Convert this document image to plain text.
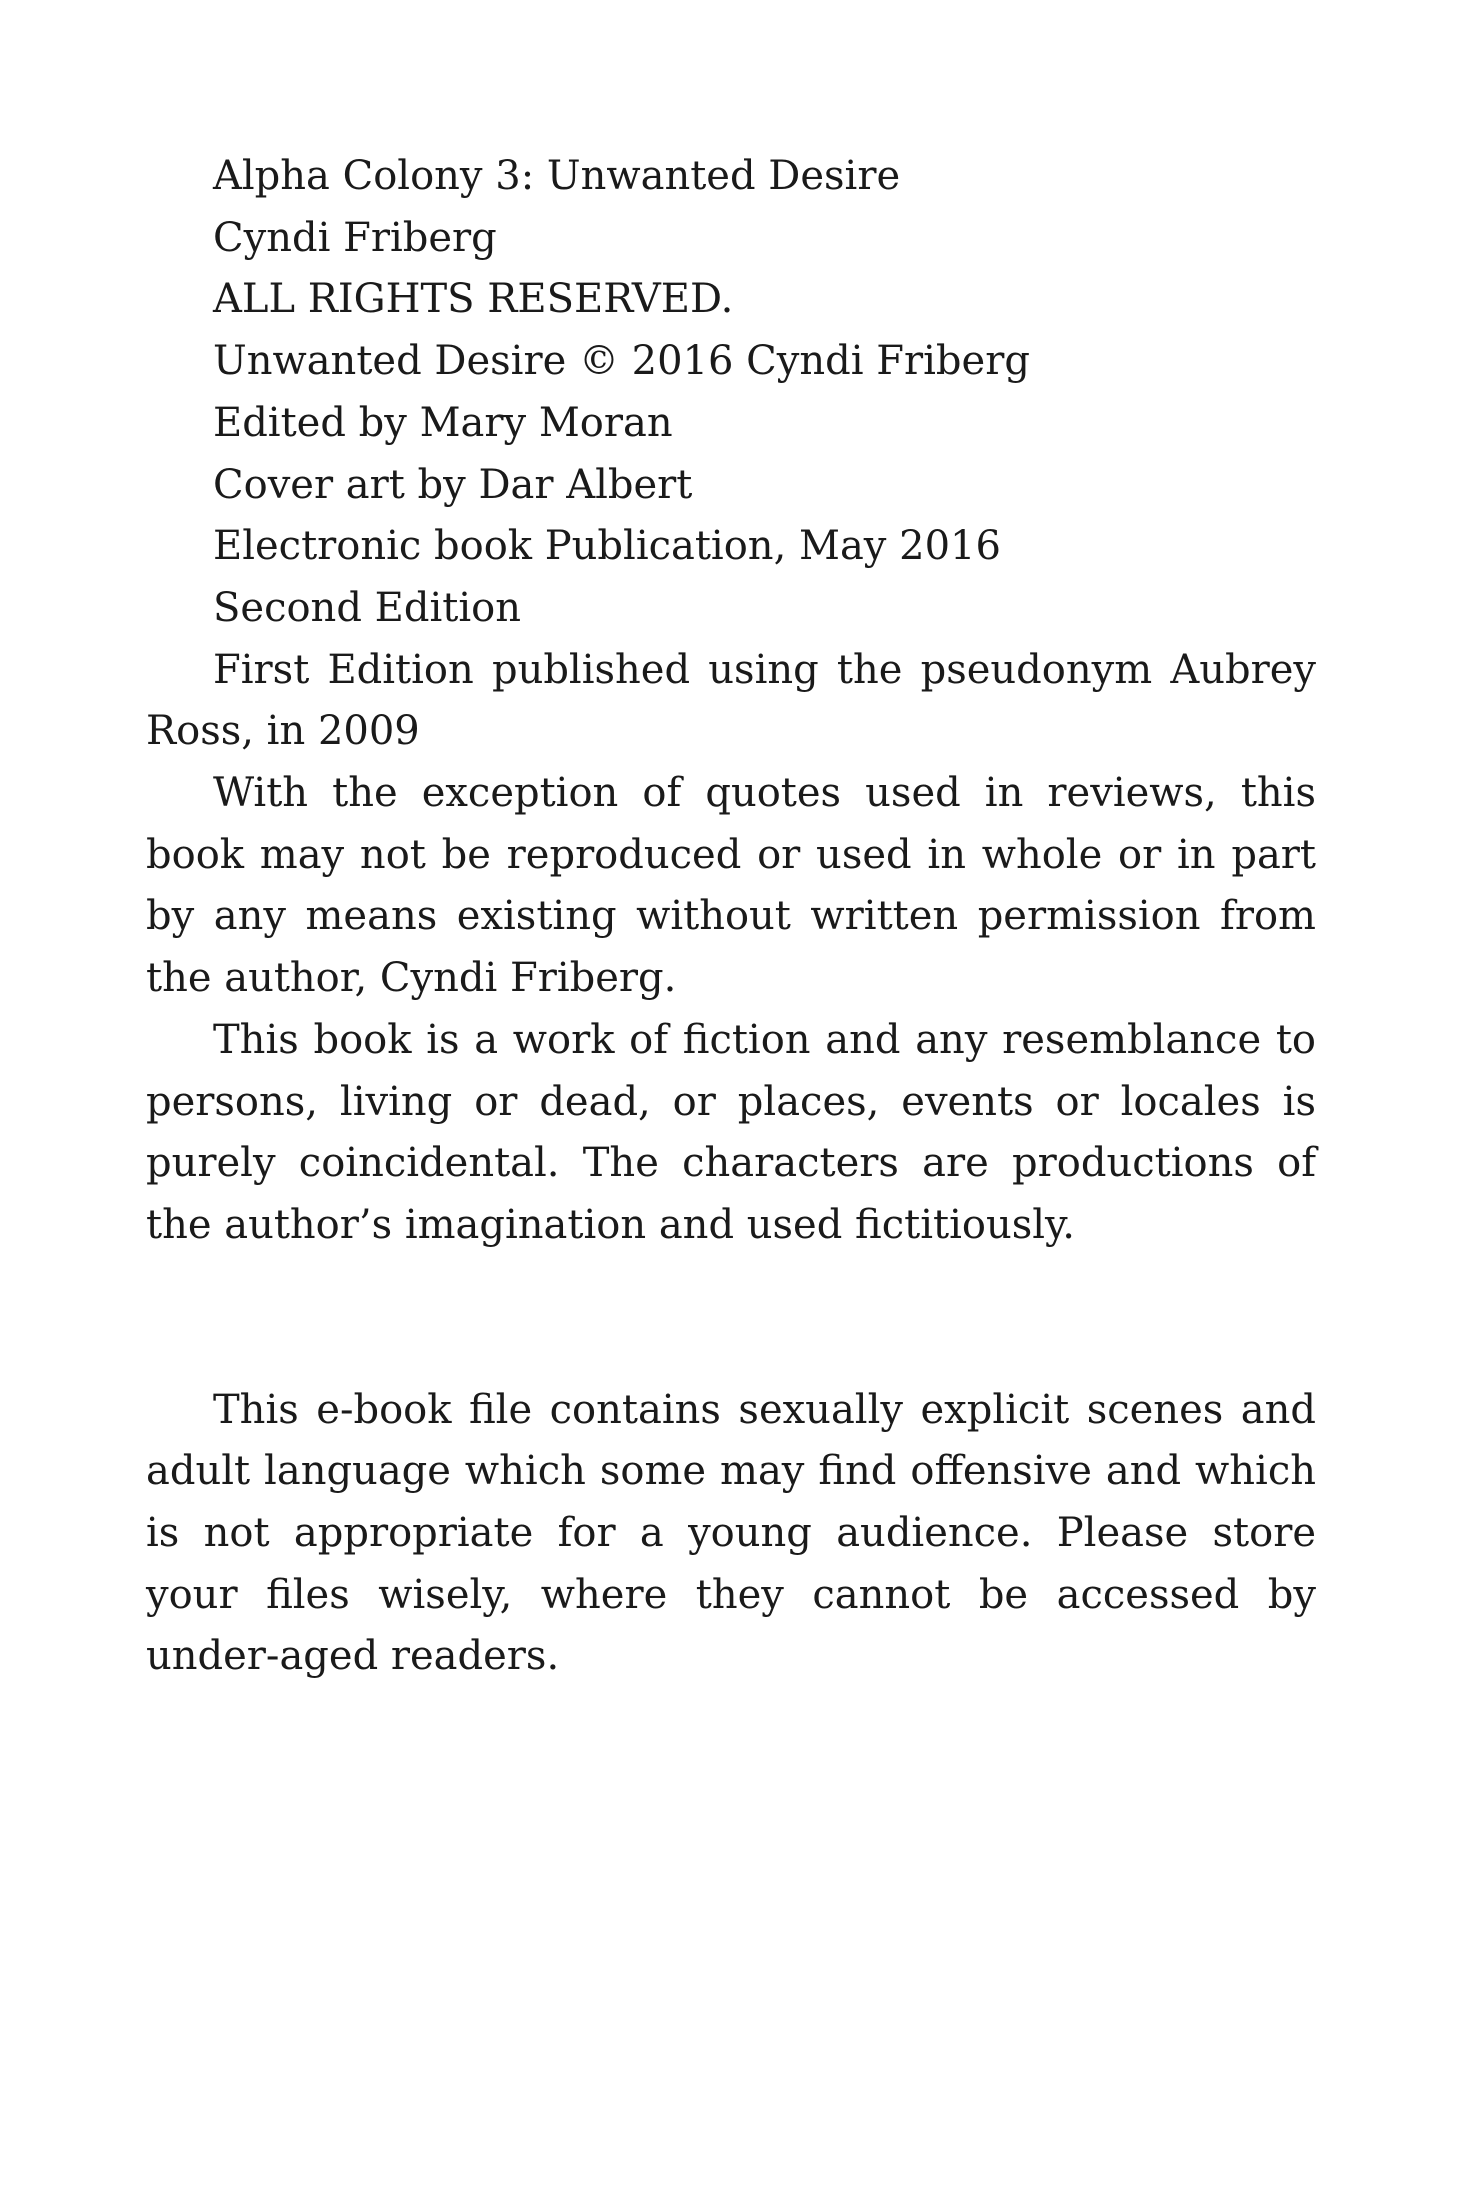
Alpha Colony 3: Unwanted Desire

Cyndi Friberg

ALL RIGHTS RESERVED.

Unwanted Desire © 2016 Cyndi Friberg

Edited by Mary Moran

Cover art by Dar Albert

Electronic book Publication, May 2016

Second Edition

First Edition published using the pseudonym Aubrey Ross, in 2009

With the exception of quotes used in reviews, this book may not be reproduced or used in whole or in part by any means existing without written permission from the author, Cyndi Friberg.

This book is a work of fiction and any resemblance to persons, living or dead, or places, events or locales is purely coincidental. The characters are productions of the author’s imagination and used fictitiously.

This e-book file contains sexually explicit scenes and adult language which some may find offensive and which is not appropriate for a young audience. Please store your files wisely, where they cannot be accessed by under-aged readers.
